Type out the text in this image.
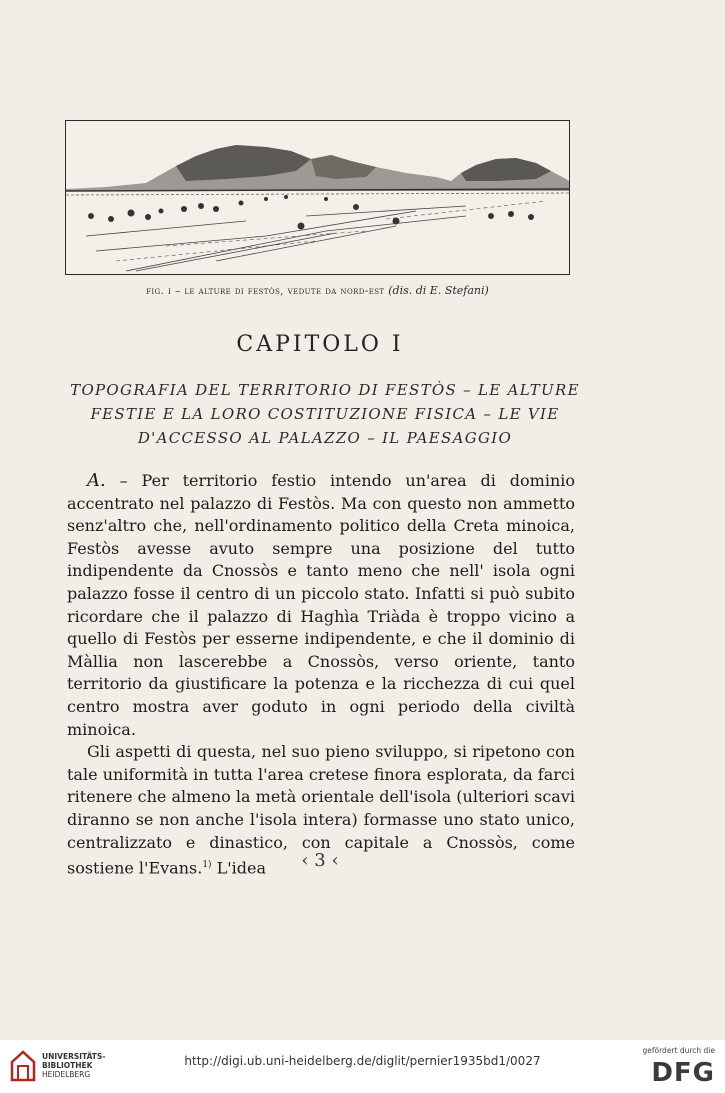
fig. i – le alture di festòs, vedute da nord-est (dis. di E. Stefani)
CAPITOLO I
TOPOGRAFIA DEL TERRITORIO DI FESTÒS – LE ALTURE FESTIE E LA LORO COSTITUZIONE FISICA – LE VIE D'ACCESSO AL PALAZZO – IL PAESAGGIO

A. – Per territorio festio intendo un'area di dominio accentrato nel palazzo di Festòs. Ma con questo non ammetto senz'altro che, nell'ordinamento politico della Creta minoica, Festòs avesse avuto sempre una posizione del tutto indipendente da Cnossòs e tanto meno che nell' isola ogni palazzo fosse il centro di un piccolo stato. Infatti si può subito ricordare che il palazzo di Haghìa Triàda è troppo vicino a quello di Festòs per esserne indipendente, e che il dominio di Màllia non lascerebbe a Cnossòs, verso oriente, tanto territorio da giustificare la potenza e la ricchezza di cui quel centro mostra aver goduto in ogni periodo della civiltà minoica.

Gli aspetti di questa, nel suo pieno sviluppo, si ripetono con tale uniformità in tutta l'area cretese finora esplorata, da farci ritenere che almeno la metà orientale dell'isola (ulteriori scavi diranno se non anche l'isola intera) formasse uno stato unico, centralizzato e dinastico, con capitale a Cnossòs, come sostiene l'Evans.$^{1)}$ L'idea	‹ 3 ‹
UNIVERSITÄTS-
BIBLIOTHEK
HEIDELBERG
http://digi.ub.uni-heidelberg.de/diglit/pernier1935bd1/0027
gefördert durch die
DFG
